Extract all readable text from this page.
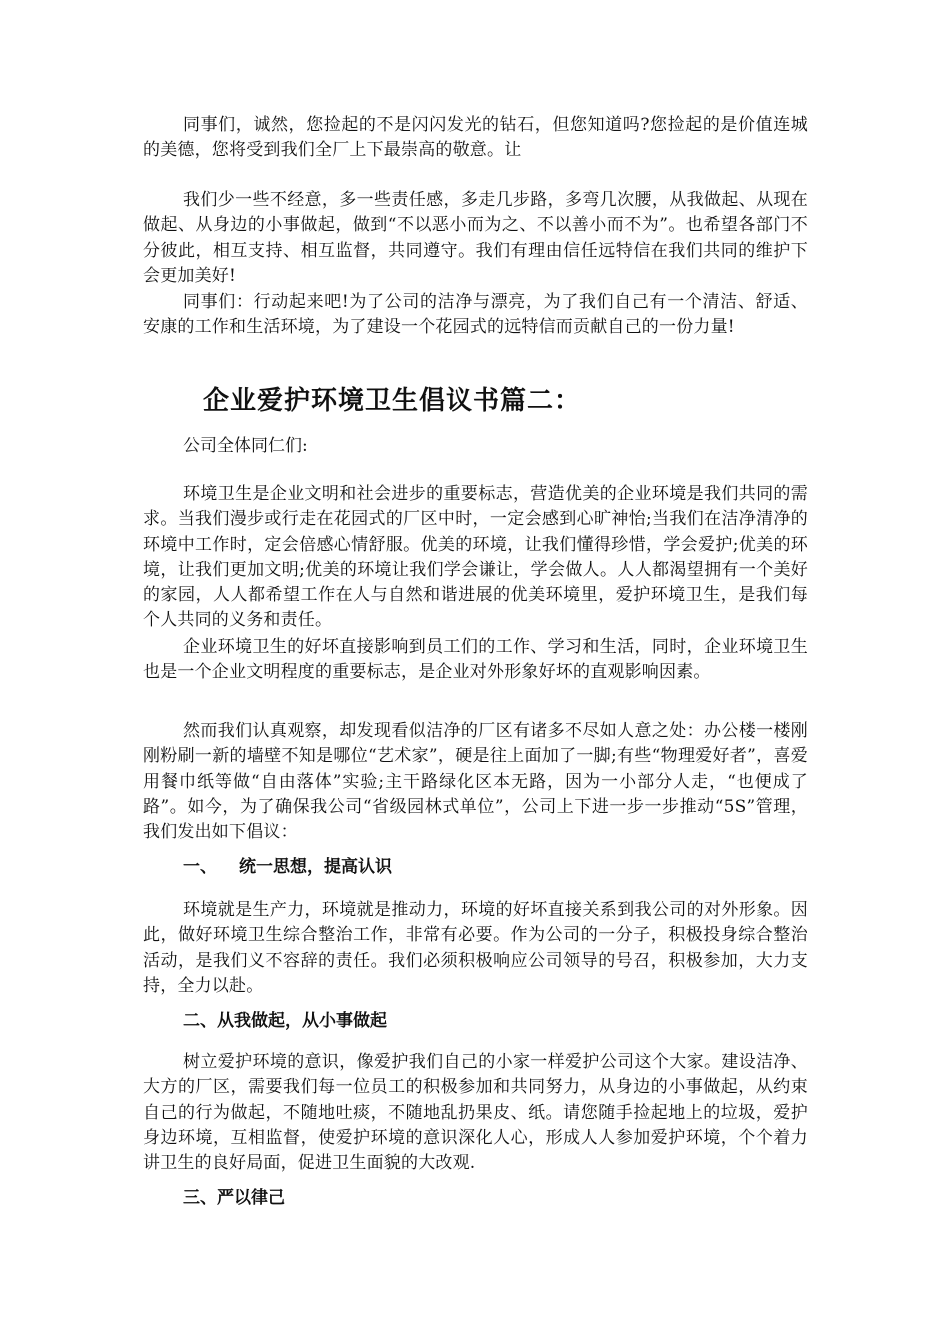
同事们，诚然，您捡起的不是闪闪发光的钻石，但您知道吗?您捡起的是价值连城的美德，您将受到我们全厂上下最崇高的敬意。让

我们少一些不经意，多一些责任感，多走几步路，多弯几次腰，从我做起、从现在做起、从身边的小事做起，做到“不以恶小而为之、不以善小而不为”。也希望各部门不分彼此，相互支持、相互监督，共同遵守。我们有理由信任远特信在我们共同的维护下会更加美好!

同事们：行动起来吧!为了公司的洁净与漂亮，为了我们自己有一个清洁、舒适、安康的工作和生活环境，为了建设一个花园式的远特信而贡献自己的一份力量!

企业爱护环境卫生倡议书篇二：

公司全体同仁们:

环境卫生是企业文明和社会进步的重要标志，营造优美的企业环境是我们共同的需求。当我们漫步或行走在花园式的厂区中时，一定会感到心旷神怡;当我们在洁净清净的环境中工作时，定会倍感心情舒服。优美的环境，让我们懂得珍惜，学会爱护;优美的环境，让我们更加文明;优美的环境让我们学会谦让，学会做人。人人都渴望拥有一个美好的家园，人人都希望工作在人与自然和谐进展的优美环境里，爱护环境卫生，是我们每个人共同的义务和责任。

企业环境卫生的好坏直接影响到员工们的工作、学习和生活，同时，企业环境卫生也是一个企业文明程度的重要标志，是企业对外形象好坏的直观影响因素。

然而我们认真观察，却发现看似洁净的厂区有诸多不尽如人意之处：办公楼一楼刚刚粉刷一新的墙壁不知是哪位“艺术家”，硬是往上面加了一脚;有些“物理爱好者”，喜爱用餐巾纸等做“自由落体”实验;主干路绿化区本无路，因为一小部分人走，“也便成了路”。如今，为了确保我公司“省级园林式单位”，公司上下进一步一步推动“5S”管理，我们发出如下倡议：

一、 统一思想，提高认识

环境就是生产力，环境就是推动力，环境的好坏直接关系到我公司的对外形象。因此，做好环境卫生综合整治工作，非常有必要。作为公司的一分子，积极投身综合整治活动，是我们义不容辞的责任。我们必须积极响应公司领导的号召，积极参加，大力支持，全力以赴。

二、从我做起，从小事做起

树立爱护环境的意识，像爱护我们自己的小家一样爱护公司这个大家。建设洁净、大方的厂区，需要我们每一位员工的积极参加和共同努力，从身边的小事做起，从约束自己的行为做起，不随地吐痰，不随地乱扔果皮、纸。请您随手捡起地上的垃圾，爱护身边环境，互相监督，使爱护环境的意识深化人心，形成人人参加爱护环境，个个着力讲卫生的良好局面，促进卫生面貌的大改观.

三、严以律己
